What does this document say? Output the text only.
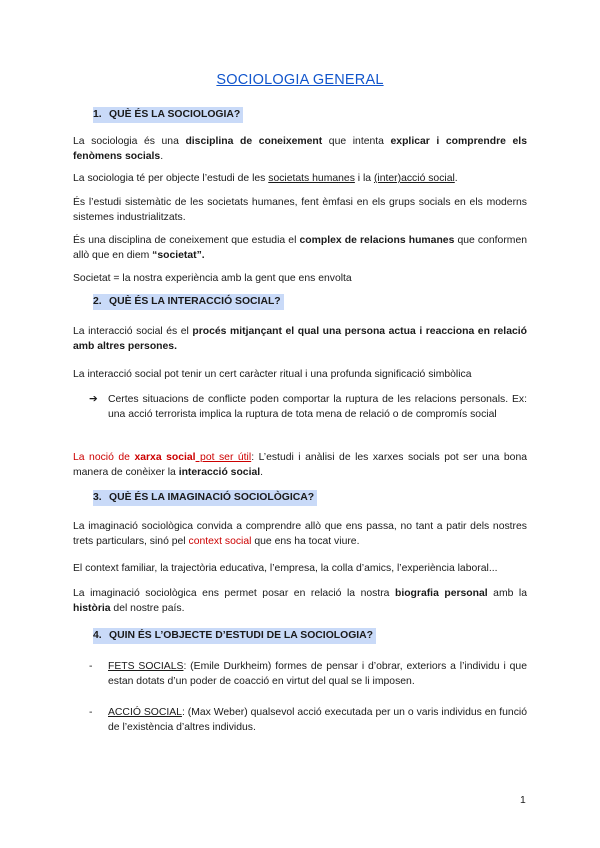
SOCIOLOGIA GENERAL
1. QUÈ ÉS LA SOCIOLOGIA?

La sociologia és una disciplina de coneixement que intenta explicar i comprendre els fenòmens socials.

La sociologia té per objecte l’estudi de les societats humanes i la (inter)acció social.

És l’estudi sistemàtic de les societats humanes, fent èmfasi en els grups socials en els moderns sistemes industrialitzats.

És una disciplina de coneixement que estudia el complex de relacions humanes que conformen allò que en diem “societat”.

Societat = la nostra experiència amb la gent que ens envolta

2. QUÈ ÉS LA INTERACCIÓ SOCIAL?

La interacció social és el procés mitjançant el qual una persona actua i reacciona en relació amb altres persones.

La interacció social pot tenir un cert caràcter ritual i una profunda significació simbòlica

➔ Certes situacions de conflicte poden comportar la ruptura de les relacions personals. Ex: una acció terrorista implica la ruptura de tota mena de relació o de compromís social

La noció de xarxa social pot ser útil: L’estudi i anàlisi de les xarxes socials pot ser una bona manera de conèixer la interacció social.

3. QUÈ ÉS LA IMAGINACIÓ SOCIOLÒGICA?

La imaginació sociològica convida a comprendre allò que ens passa, no tant a patir dels nostres trets particulars, sinó pel context social que ens ha tocat viure.

El context familiar, la trajectòria educativa, l’empresa, la colla d’amics, l’experiència laboral...

La imaginació sociològica ens permet posar en relació la nostra biografia personal amb la història del nostre país.

4. QUIN ÉS L’OBJECTE D’ESTUDI DE LA SOCIOLOGIA?
-	FETS SOCIALS: (Emile Durkheim) formes de pensar i d’obrar, exteriors a l’individu i que estan dotats d’un poder de coacció en virtut del qual se li imposen.
-	ACCIÓ SOCIAL: (Max Weber) qualsevol acció executada per un o varis individus en funció de l’existència d’altres individus.
1
